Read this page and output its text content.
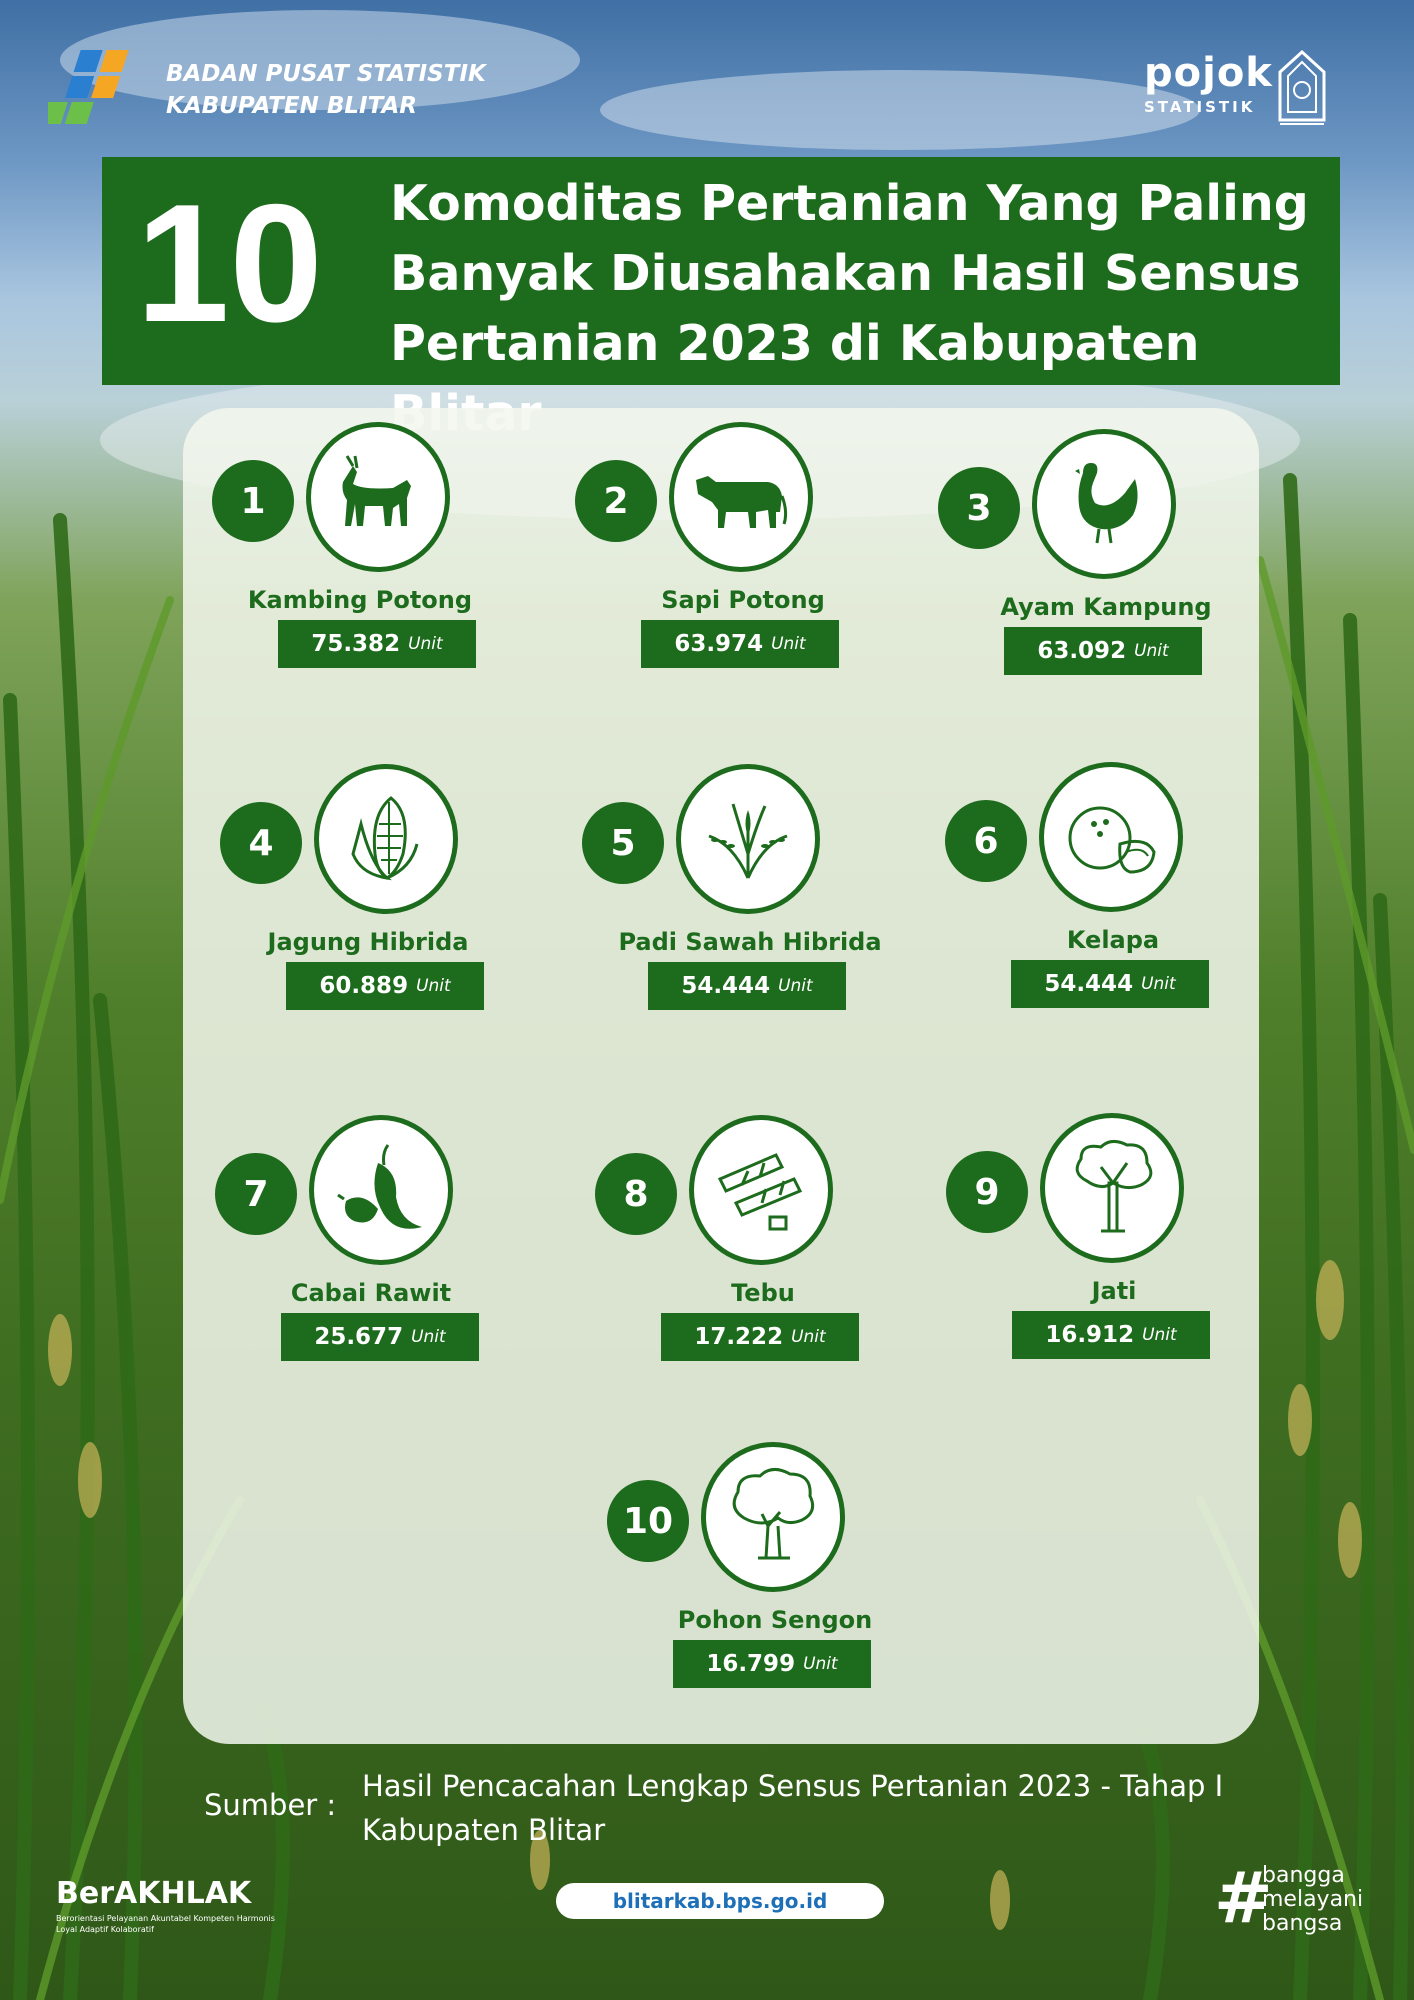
BADAN PUSAT STATISTIK
KABUPATEN BLITAR
pojok
STATISTIK
10 Komoditas Pertanian Yang Paling Banyak Diusahakan Hasil Sensus Pertanian 2023 di Kabupaten
1
Kambing Potong
75.382 Unit
2
Sapi Potong
63.974 Unit
3
Ayam Kampung
63.092 Unit
4
Jagung Hibrida
60.889 Unit
5
Padi Sawah Hibrida
54.444 Unit
6
Kelapa
54.444 Unit
7
Cabai Rawit
25.677 Unit
8
Tebu
17.222 Unit
9
Jati
16.912 Unit
10
Pohon Sengon
16.799 Unit
Sumber :
Hasil Pencacahan Lengkap Sensus Pertanian 2023 - Tahap I Kabupaten Blitar
BerAKHLAK
Berorientasi Pelayanan Akuntabel Kompeten Harmonis Loyal Adaptif Kolaboratif
blitarkab.bps.go.id	#
bangga
melayani
bangsa
